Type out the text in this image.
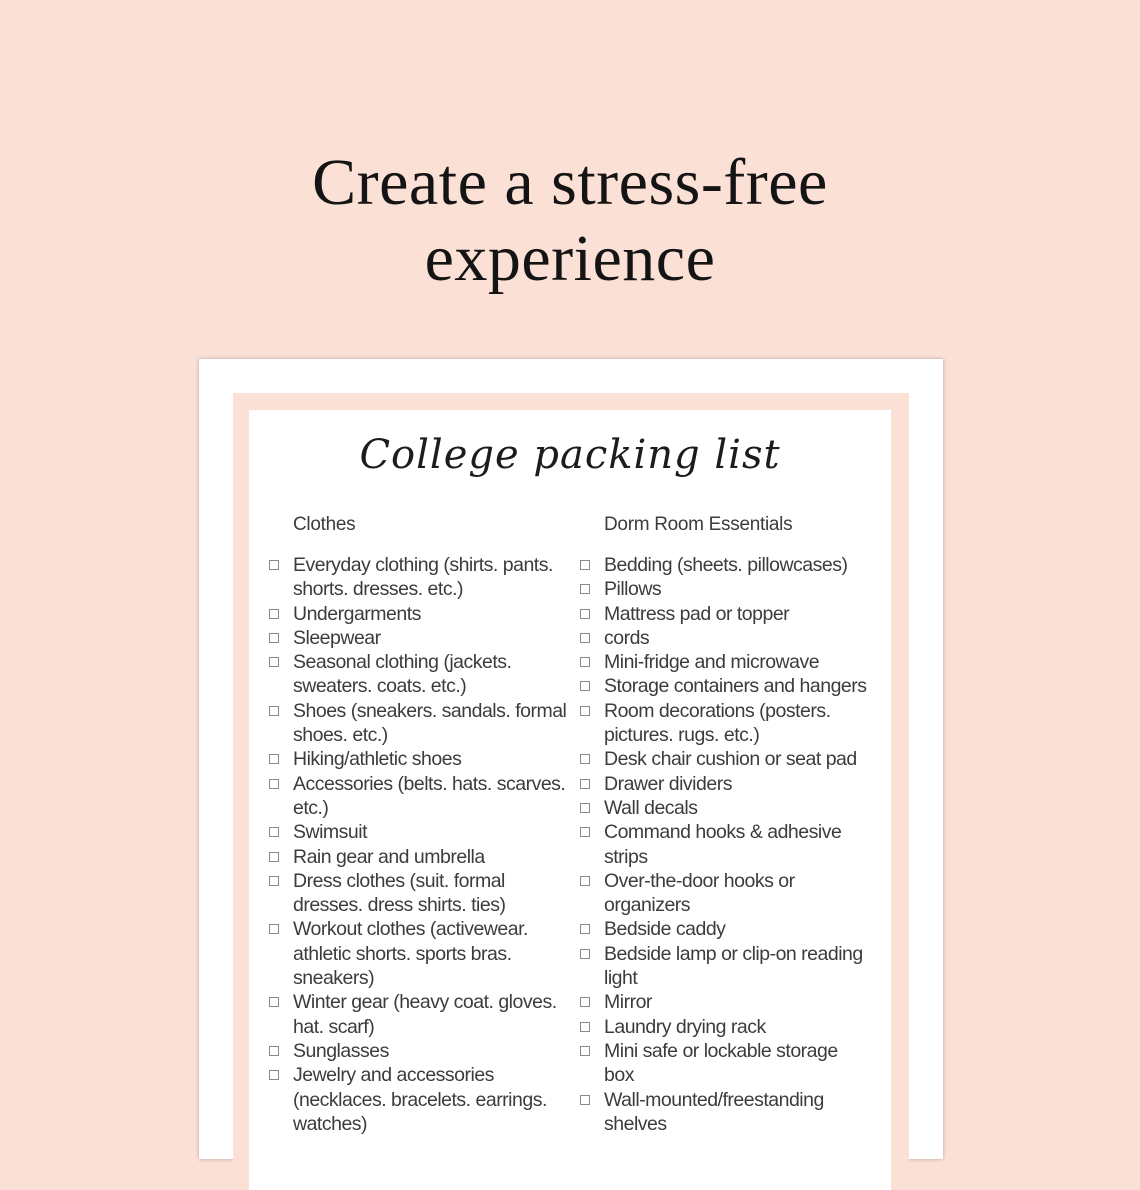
Create a stress-free
experience
College packing list
Clothes
Everyday clothing (shirts. pants.
shorts. dresses. etc.)
Undergarments
Sleepwear
Seasonal clothing (jackets.
sweaters. coats. etc.)
Shoes (sneakers. sandals. formal
shoes. etc.)
Hiking/athletic shoes
Accessories (belts. hats. scarves.
etc.)
Swimsuit
Rain gear and umbrella
Dress clothes (suit. formal
dresses. dress shirts. ties)
Workout clothes (activewear.
athletic shorts. sports bras.
sneakers)
Winter gear (heavy coat. gloves.
hat. scarf)
Sunglasses
Jewelry and accessories
(necklaces. bracelets. earrings.
watches)
Dorm Room Essentials
Bedding (sheets. pillowcases)
Pillows
Mattress pad or topper
cords
Mini-fridge and microwave
Storage containers and hangers
Room decorations (posters.
pictures. rugs. etc.)
Desk chair cushion or seat pad
Drawer dividers
Wall decals
Command hooks & adhesive
strips
Over-the-door hooks or
organizers
Bedside caddy
Bedside lamp or clip-on reading
light
Mirror
Laundry drying rack
Mini safe or lockable storage
box
Wall-mounted/freestanding
shelves
